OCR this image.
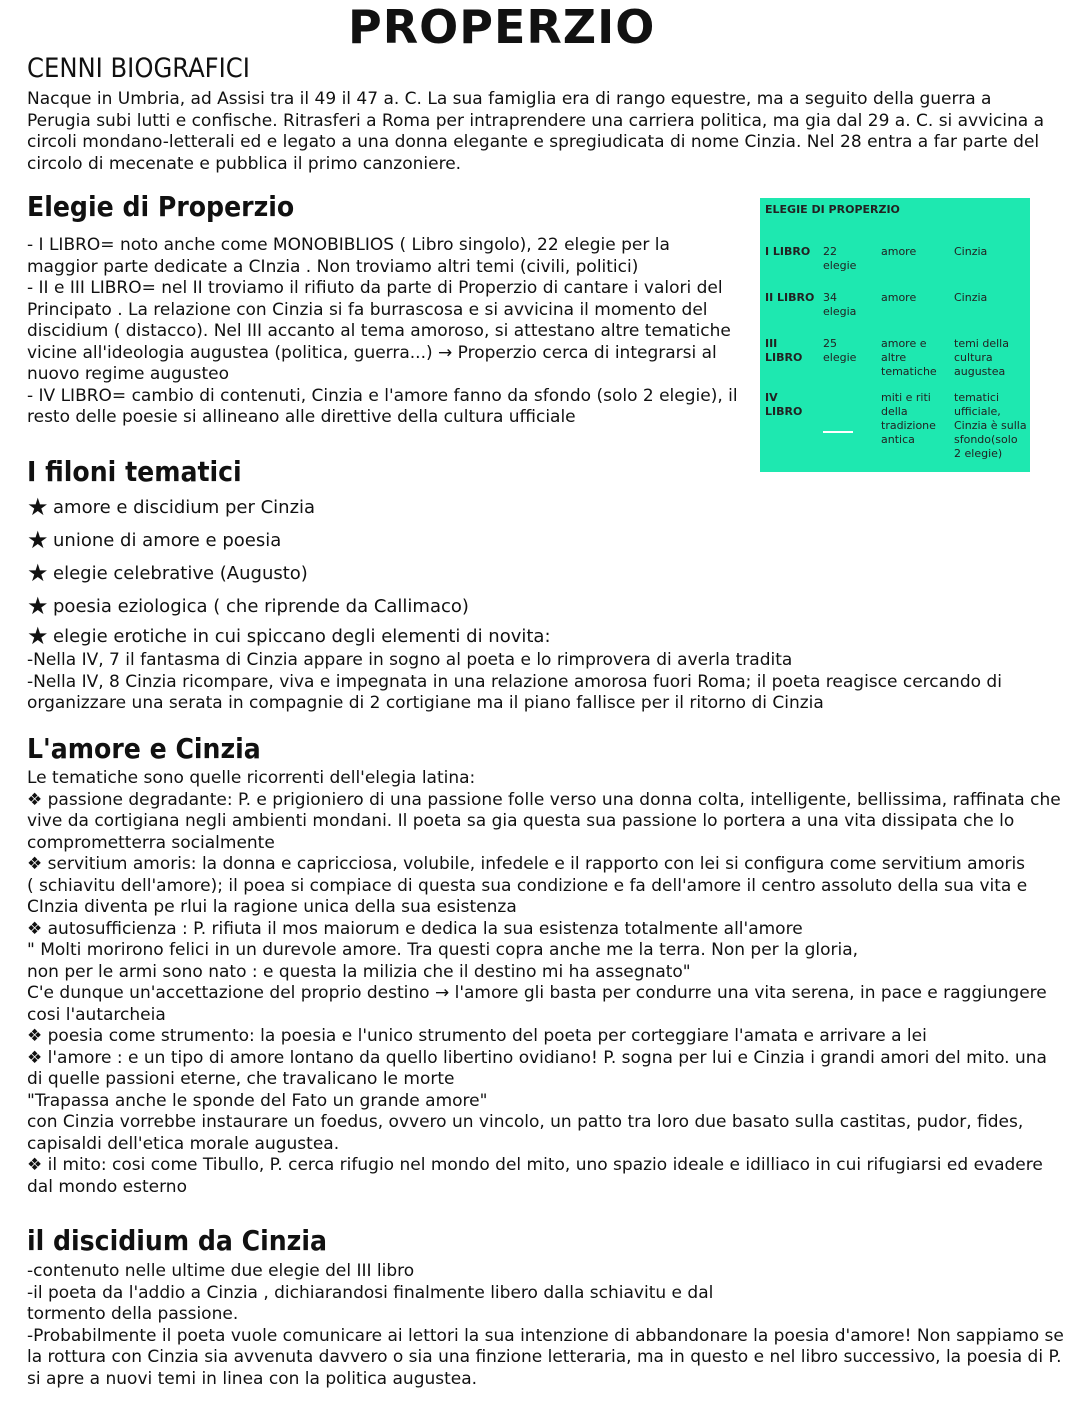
PROPERZIO
CENNI BIOGRAFICI

Nacque in Umbria, ad Assisi tra il 49 il 47 a. C. La sua famiglia era di rango equestre, ma a seguito della guerra a

Perugia subi lutti e confische. Ritrasferi a Roma per intraprendere una carriera politica, ma gia dal 29 a. C. si avvicina a

circoli mondano-letterali ed e legato a una donna elegante e spregiudicata di nome Cinzia. Nel 28 entra a far parte del

circolo di mecenate e pubblica il primo canzoniere.

Elegie di Properzio

- I LIBRO= noto anche come MONOBIBLIOS ( Libro singolo), 22 elegie per la

maggior parte dedicate a CInzia . Non troviamo altri temi (civili, politici)

- II e III LIBRO= nel II troviamo il rifiuto da parte di Properzio di cantare i valori del

Principato . La relazione con Cinzia si fa burrascosa e si avvicina il momento del

discidium ( distacco). Nel III accanto al tema amoroso, si attestano altre tematiche

vicine all'ideologia augustea (politica, guerra...) → Properzio cerca di integrarsi al

nuovo regime augusteo

- IV LIBRO= cambio di contenuti, Cinzia e l'amore fanno da sfondo (solo 2 elegie), il

resto delle poesie si allineano alle direttive della cultura ufficiale

ELEGIE DI PROPERZIO
I LIBRO	22 elegie	amore	Cinzia
II LIBRO	34 elegia	amore	Cinzia
III LIBRO	25 elegie	amore e altre tematiche	temi della cultura augustea
IV LIBRO		miti e riti della tradizione antica	tematici ufficiale, Cinzia è sulla sfondo(solo 2 elegie)
I filoni tematici

★ amore e discidium per Cinzia

★ unione di amore e poesia

★ elegie celebrative (Augusto)

★ poesia eziologica ( che riprende da Callimaco)

★ elegie erotiche in cui spiccano degli elementi di novita:

-Nella IV, 7 il fantasma di Cinzia appare in sogno al poeta e lo rimprovera di averla tradita

-Nella IV, 8 Cinzia ricompare, viva e impegnata in una relazione amorosa fuori Roma; il poeta reagisce cercando di

organizzare una serata in compagnie di 2 cortigiane ma il piano fallisce per il ritorno di Cinzia

L'amore e Cinzia

Le tematiche sono quelle ricorrenti dell'elegia latina:

❖ passione degradante: P. e prigioniero di una passione folle verso una donna colta, intelligente, bellissima, raffinata che

vive da cortigiana negli ambienti mondani. Il poeta sa gia questa sua passione lo portera a una vita dissipata che lo

comprometterra socialmente

❖ servitium amoris: la donna e capricciosa, volubile, infedele e il rapporto con lei si configura come servitium amoris

( schiavitu dell'amore); il poea si compiace di questa sua condizione e fa dell'amore il centro assoluto della sua vita e

CInzia diventa pe rlui la ragione unica della sua esistenza

❖ autosufficienza : P. rifiuta il mos maiorum e dedica la sua esistenza totalmente all'amore

" Molti morirono felici in un durevole amore. Tra questi copra anche me la terra. Non per la gloria,

non per le armi sono nato : e questa la milizia che il destino mi ha assegnato"

C'e dunque un'accettazione del proprio destino → l'amore gli basta per condurre una vita serena, in pace e raggiungere

cosi l'autarcheia

❖ poesia come strumento: la poesia e l'unico strumento del poeta per corteggiare l'amata e arrivare a lei

❖ l'amore : e un tipo di amore lontano da quello libertino ovidiano! P. sogna per lui e Cinzia i grandi amori del mito. una

di quelle passioni eterne, che travalicano le morte

"Trapassa anche le sponde del Fato un grande amore"

con Cinzia vorrebbe instaurare un foedus, ovvero un vincolo, un patto tra loro due basato sulla castitas, pudor, fides,

capisaldi dell'etica morale augustea.

❖ il mito: cosi come Tibullo, P. cerca rifugio nel mondo del mito, uno spazio ideale e idilliaco in cui rifugiarsi ed evadere

dal mondo esterno

il discidium da Cinzia

-contenuto nelle ultime due elegie del III libro

-il poeta da l'addio a Cinzia , dichiarandosi finalmente libero dalla schiavitu e dal

tormento della passione.

-Probabilmente il poeta vuole comunicare ai lettori la sua intenzione di abbandonare la poesia d'amore! Non sappiamo se

la rottura con Cinzia sia avvenuta davvero o sia una finzione letteraria, ma in questo e nel libro successivo, la poesia di P.

si apre a nuovi temi in linea con la politica augustea.
